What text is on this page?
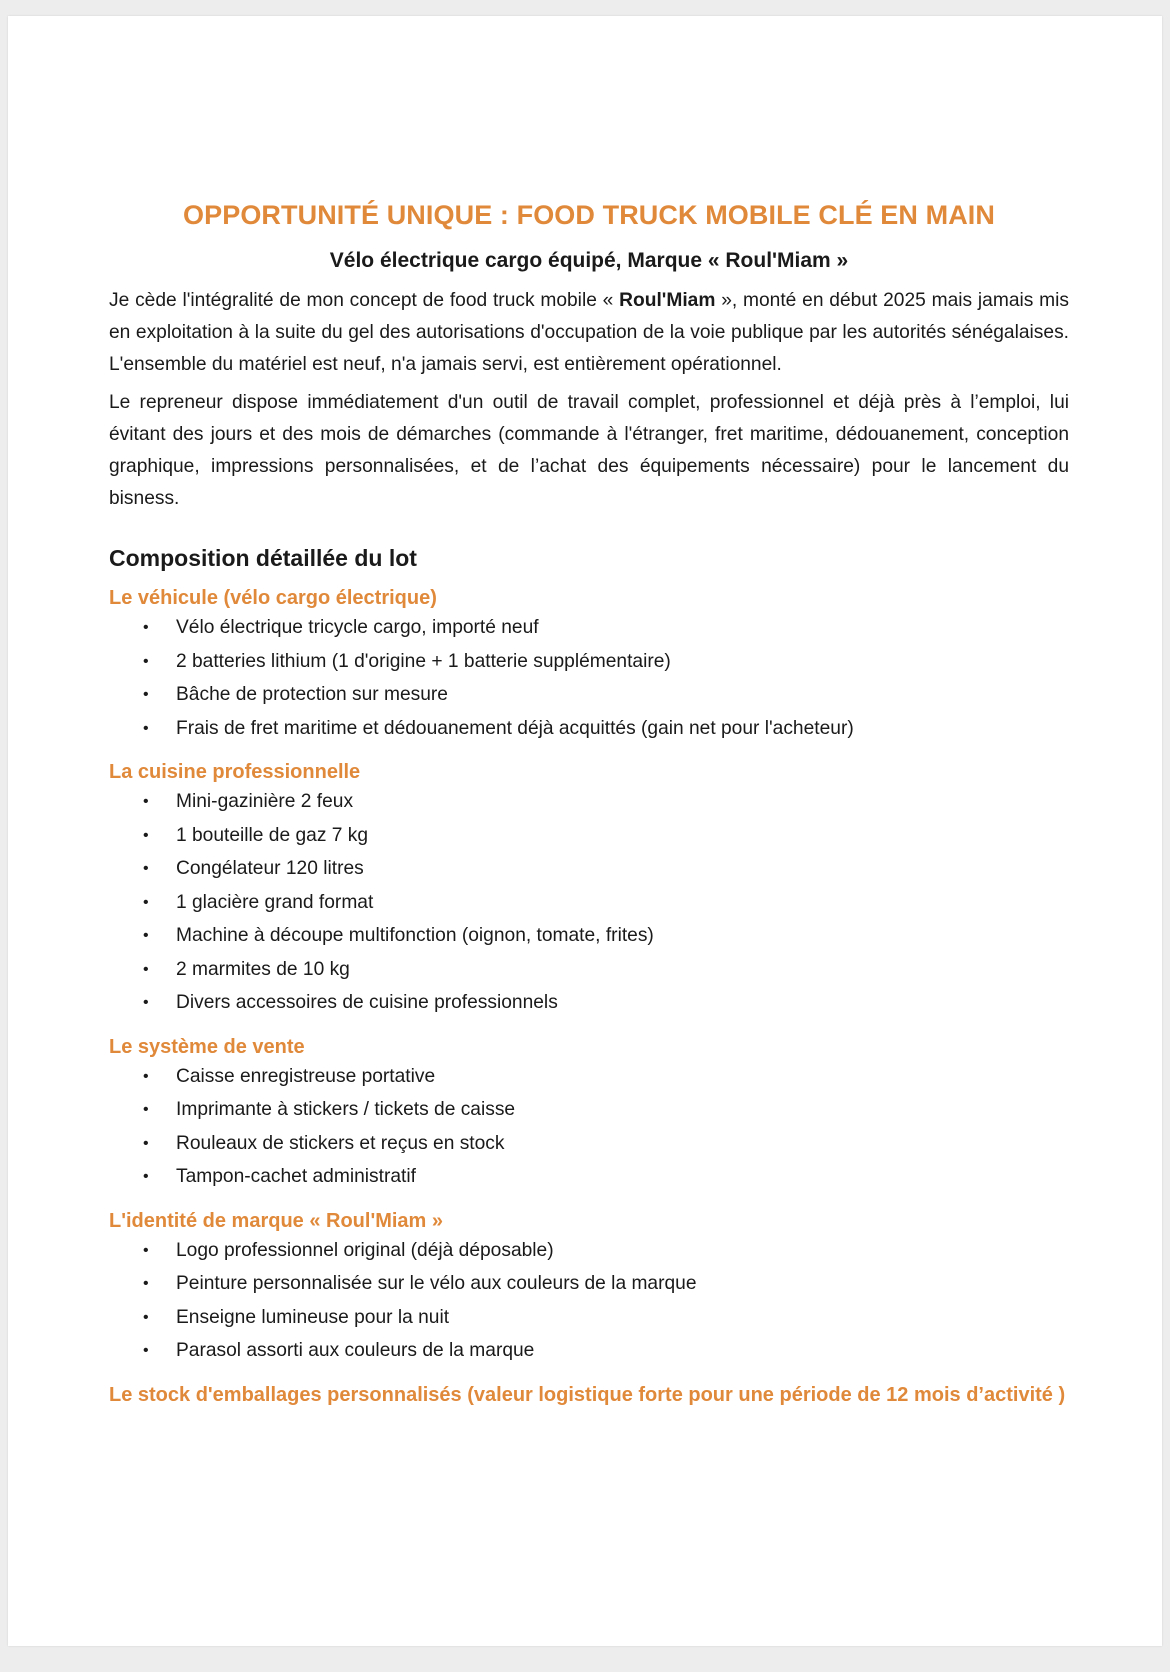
OPPORTUNITÉ UNIQUE : FOOD TRUCK MOBILE CLÉ EN MAIN
Vélo électrique cargo équipé, Marque « Roul'Miam »

Je cède l'intégralité de mon concept de food truck mobile « Roul'Miam », monté en début 2025 mais jamais mis en exploitation à la suite du gel des autorisations d'occupation de la voie publique par les autorités sénégalaises. L'ensemble du matériel est neuf, n'a jamais servi, est entièrement opérationnel.

Le repreneur dispose immédiatement d'un outil de travail complet, professionnel et déjà près à l’emploi, lui évitant des jours et des mois de démarches (commande à l'étranger, fret maritime, dédouanement, conception graphique, impressions personnalisées, et de l’achat des équipements nécessaire) pour le lancement du bisness.

Composition détaillée du lot
Le véhicule (vélo cargo électrique)
• Vélo électrique tricycle cargo, importé neuf
• 2 batteries lithium (1 d'origine + 1 batterie supplémentaire)
• Bâche de protection sur mesure
• Frais de fret maritime et dédouanement déjà acquittés (gain net pour l'acheteur)
La cuisine professionnelle
• Mini-gazinière 2 feux
• 1 bouteille de gaz 7 kg
• Congélateur 120 litres
• 1 glacière grand format
• Machine à découpe multifonction (oignon, tomate, frites)
• 2 marmites de 10 kg
• Divers accessoires de cuisine professionnels
Le système de vente
• Caisse enregistreuse portative
• Imprimante à stickers / tickets de caisse
• Rouleaux de stickers et reçus en stock
• Tampon-cachet administratif
L'identité de marque « Roul'Miam »
• Logo professionnel original (déjà déposable)
• Peinture personnalisée sur le vélo aux couleurs de la marque
• Enseigne lumineuse pour la nuit
• Parasol assorti aux couleurs de la marque
Le stock d'emballages personnalisés (valeur logistique forte pour une période de 12 mois d’activité )
